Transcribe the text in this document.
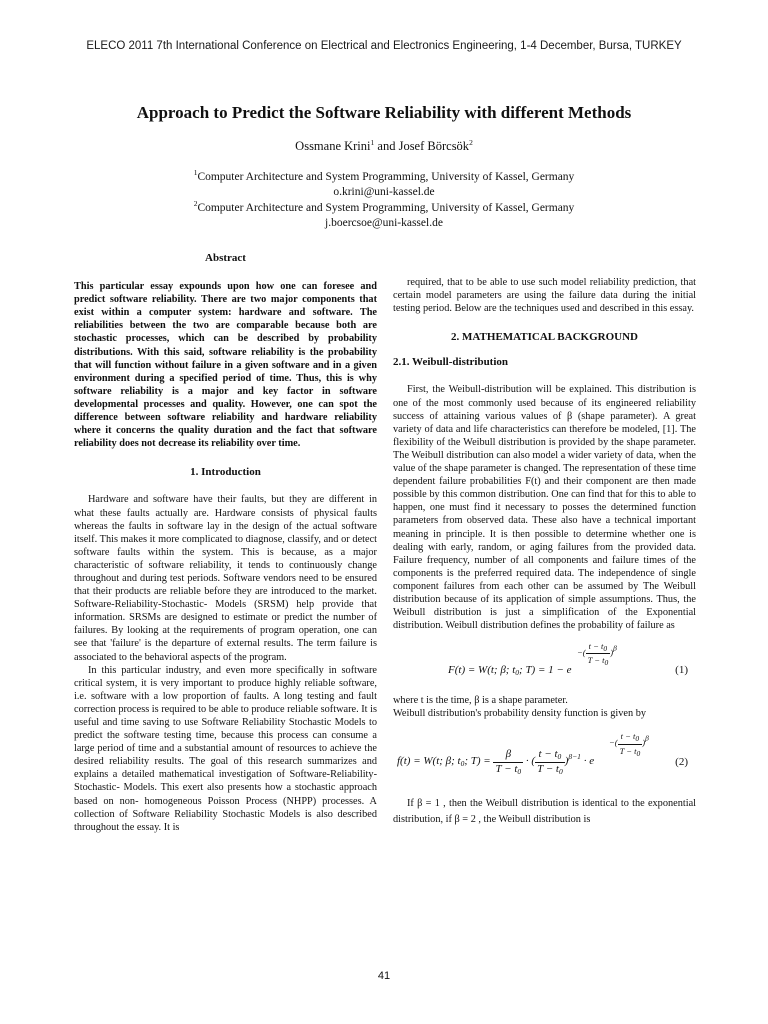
ELECO 2011 7th International Conference on Electrical and Electronics Engineering, 1-4 December, Bursa, TURKEY
Approach to Predict the Software Reliability with different Methods
Ossmane Krini$^1$ and Josef Börcsök$^2$
$^1$Computer Architecture and System Programming, University of Kassel, Germany
o.krini@uni-kassel.de
$^2$Computer Architecture and System Programming, University of Kassel, Germany
j.boercsoe@uni-kassel.de
Abstract
This particular essay expounds upon how one can foresee and predict software reliability. There are two major components that exist within a computer system: hardware and software. The reliabilities between the two are comparable because both are stochastic processes, which can be described by probability distributions. With this said, software reliability is the probability that will function without failure in a given software and in a given environment during a specified period of time. Thus, this is why software reliability is a major and key factor in software developmental processes and quality. However, one can spot the difference between software reliability and hardware reliability where it concerns the quality duration and the fact that software reliability does not decrease its reliability over time.
1. Introduction

Hardware and software have their faults, but they are different in what these faults actually are. Hardware consists of physical faults whereas the faults in software lay in the design of the actual software itself. This makes it more complicated to diagnose, classify, and or detect software faults within the system. This is because, as a major characteristic of software reliability, it tends to continuously change throughout and during test periods. Software vendors need to be ensured that their products are reliable before they are introduced to the market. Software-Reliability-Stochastic- Models (SRSM) help provide that information. SRSMs are designed to estimate or predict the number of failures. By looking at the requirements of program operation, one can see that 'failure' is the departure of external results. The term failure is associated to the behavioral aspects of the program.

In this particular industry, and even more specifically in software critical system, it is very important to produce highly reliable software, i.e. software with a low proportion of faults. A long testing and fault correction process is required to be able to produce reliable software. It is useful and time saving to use Software Reliability Stochastic Models to predict the software testing time, because this process can consume a large period of time and a substantial amount of resources to achieve the desired reliability results. The goal of this research summarizes and explains a detailed mathematical investigation of Software-Reliability-Stochastic- Models. This exert also presents how a stochastic approach based on non- homogeneous Poisson Process (NHPP) processes. A collection of Software Reliability Stochastic Models is also described throughout the essay. It is

required, that to be able to use such model reliability prediction, that certain model parameters are using the failure data during the initial testing period. Below are the techniques used and described in this essay.

2. MATHEMATICAL BACKGROUND
2.1. Weibull-distribution

First, the Weibull-distribution will be explained. This distribution is one of the most commonly used because of its engineered reliability success of attaining various values of β (shape parameter). A great variety of data and life characteristics can therefore be modeled, [1]. The flexibility of the Weibull distribution is provided by the shape parameter. The Weibull distribution can also model a wider variety of data, when the value of the shape parameter is changed. The representation of these time dependent failure probabilities F(t) and their component are then made possible by this common distribution. One can find that for this to able to happen, one must find it necessary to posses the determined function parameters from observed data. These also have a technical important meaning in principle. It is then possible to determine whether one is dealing with early, random, or aging failures from the provided data. Failure frequency, number of all components and failure times of the components is the preferred required data. The independence of single component failures from each other can be assumed by The Weibull distribution because of its application of simple assumptions. Thus, the Weibull distribution is just a simplification of the Exponential distribution. Weibull distribution defines the probability of failure as

−( $\frac{t - t_0}{T - t_0} )^\beta$
F(t) = W(t; β; $t_0$; T) = 1 − e	(1)

where t is the time, β is a shape parameter.

Weibull distribution's probability density function is given by

−( $\frac{t - t_0}{T - t_0} )^\beta$
f(t) = W(t; β; $t_0$; $T) = \frac{\beta}{T - t_0}$ · ( $\frac{t - t_0}{T - t_0} )^{\beta-1} \cdot e$	(2)

If β = 1 , then the Weibull distribution is identical to the exponential distribution, if β = 2 , the Weibull distribution is

41
